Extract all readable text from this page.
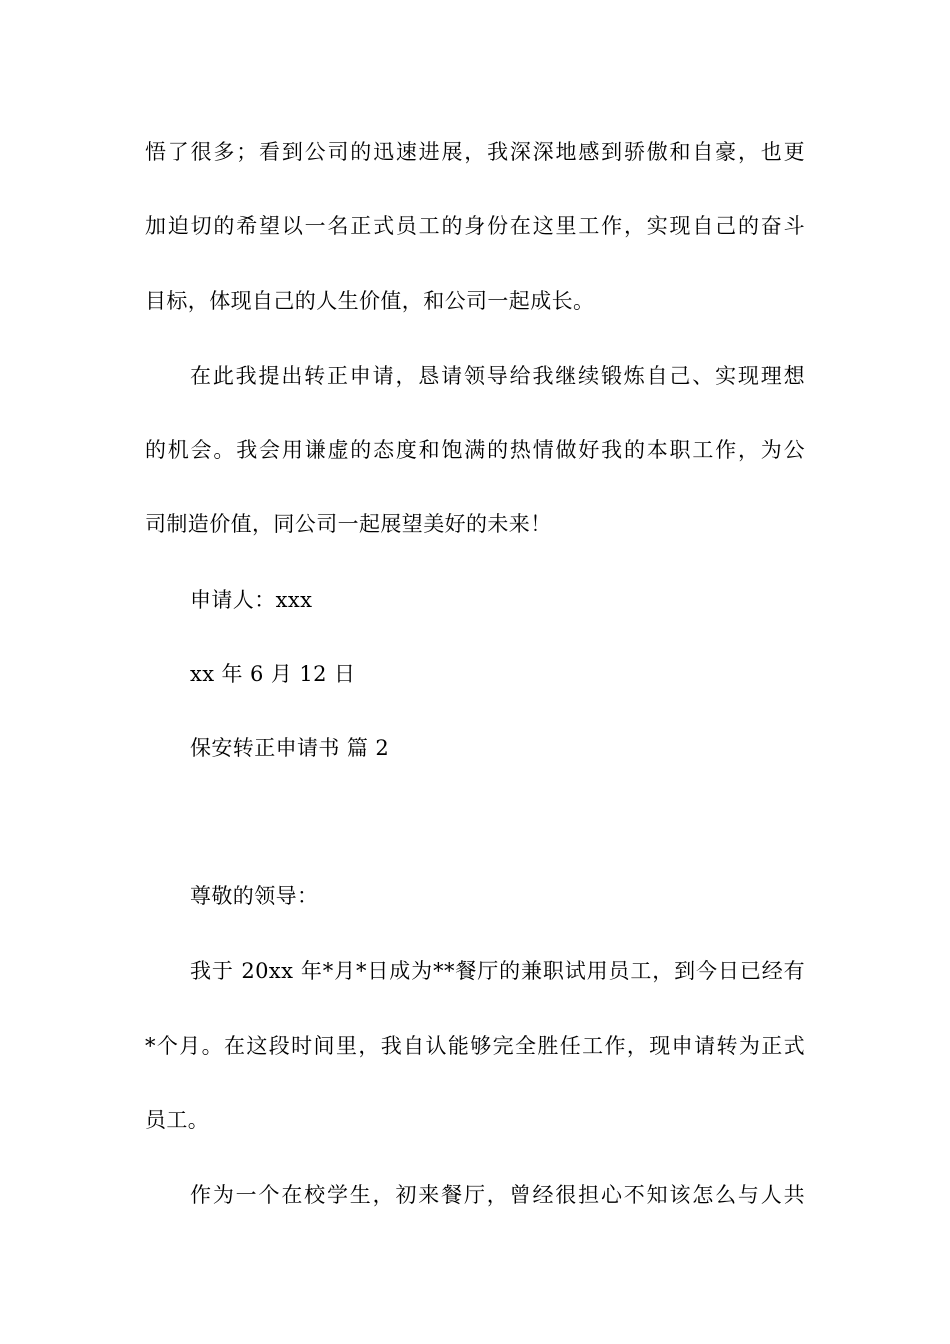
悟了很多；看到公司的迅速进展，我深深地感到骄傲和自豪，也更
加迫切的希望以一名正式员工的身份在这里工作，实现自己的奋斗
目标，体现自己的人生价值，和公司一起成长。
在此我提出转正申请，恳请领导给我继续锻炼自己、实现理想
的机会。我会用谦虚的态度和饱满的热情做好我的本职工作，为公
司制造价值，同公司一起展望美好的未来！
申请人：xxx
xx 年 6 月 12 日
保安转正申请书 篇 2
尊敬的领导：
我于 20xx 年*月*日成为**餐厅的兼职试用员工，到今日已经有
*个月。在这段时间里，我自认能够完全胜任工作，现申请转为正式
员工。
作为一个在校学生，初来餐厅，曾经很担心不知该怎么与人共
